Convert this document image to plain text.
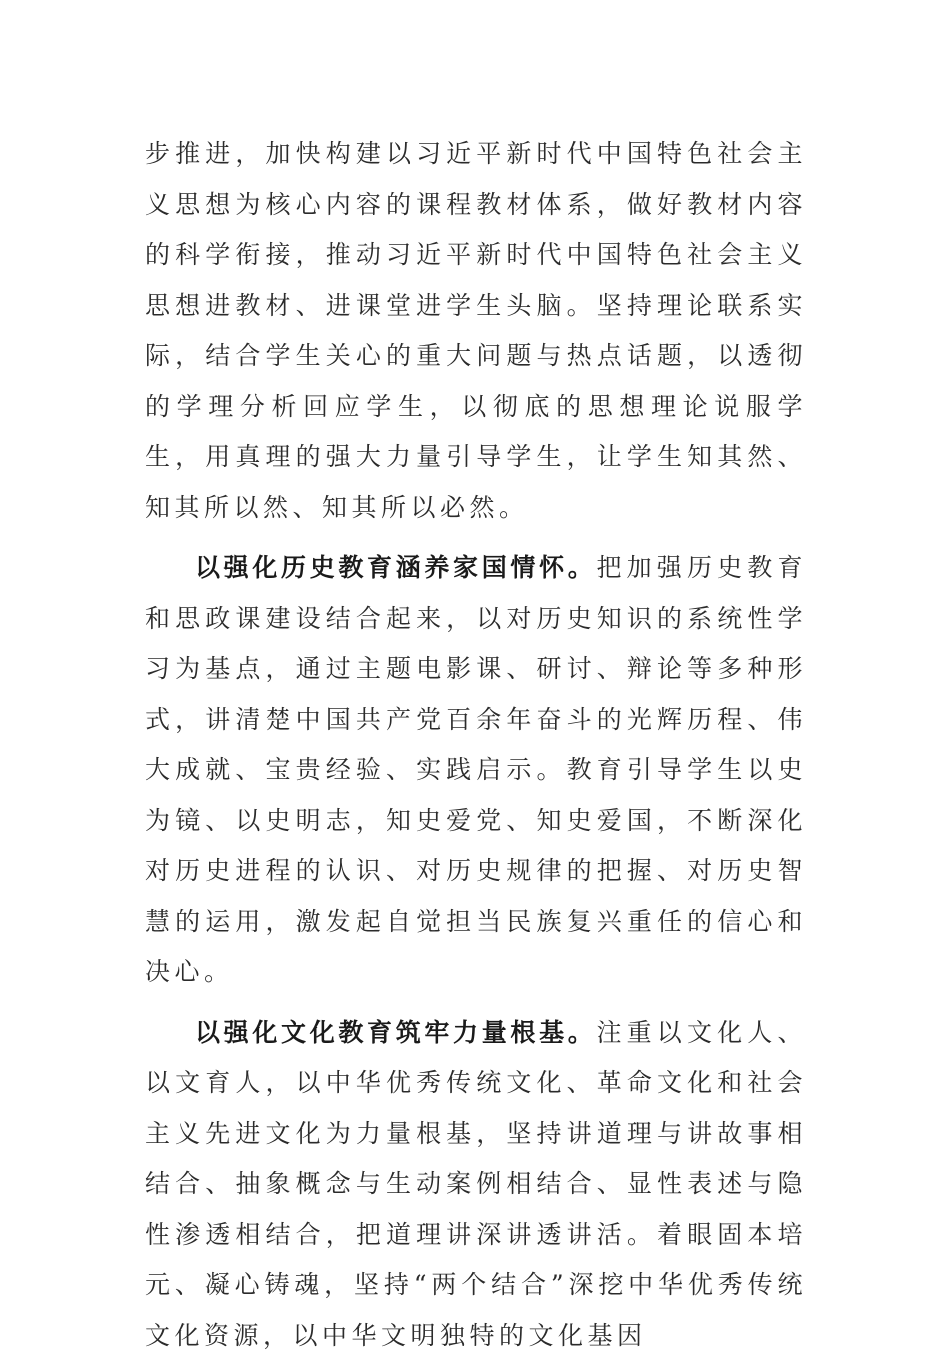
步推进，加快构建以习近平新时代中国特色社会主义思想为核心内容的课程教材体系，做好教材内容的科学衔接，推动习近平新时代中国特色社会主义思想进教材、进课堂进学生头脑。坚持理论联系实际，结合学生关心的重大问题与热点话题，以透彻的学理分析回应学生，以彻底的思想理论说服学生，用真理的强大力量引导学生，让学生知其然、知其所以然、知其所以必然。

以强化历史教育涵养家国情怀。把加强历史教育和思政课建设结合起来，以对历史知识的系统性学习为基点，通过主题电影课、研讨、辩论等多种形式，讲清楚中国共产党百余年奋斗的光辉历程、伟大成就、宝贵经验、实践启示。教育引导学生以史为镜、以史明志，知史爱党、知史爱国，不断深化对历史进程的认识、对历史规律的把握、对历史智慧的运用，激发起自觉担当民族复兴重任的信心和决心。

以强化文化教育筑牢力量根基。注重以文化人、以文育人，以中华优秀传统文化、革命文化和社会主义先进文化为力量根基，坚持讲道理与讲故事相结合、抽象概念与生动案例相结合、显性表述与隐性渗透相结合，把道理讲深讲透讲活。着眼固本培元、凝心铸魂，坚持“两个结合”深挖中华优秀传统文化资源，以中华文明独特的文化基因
